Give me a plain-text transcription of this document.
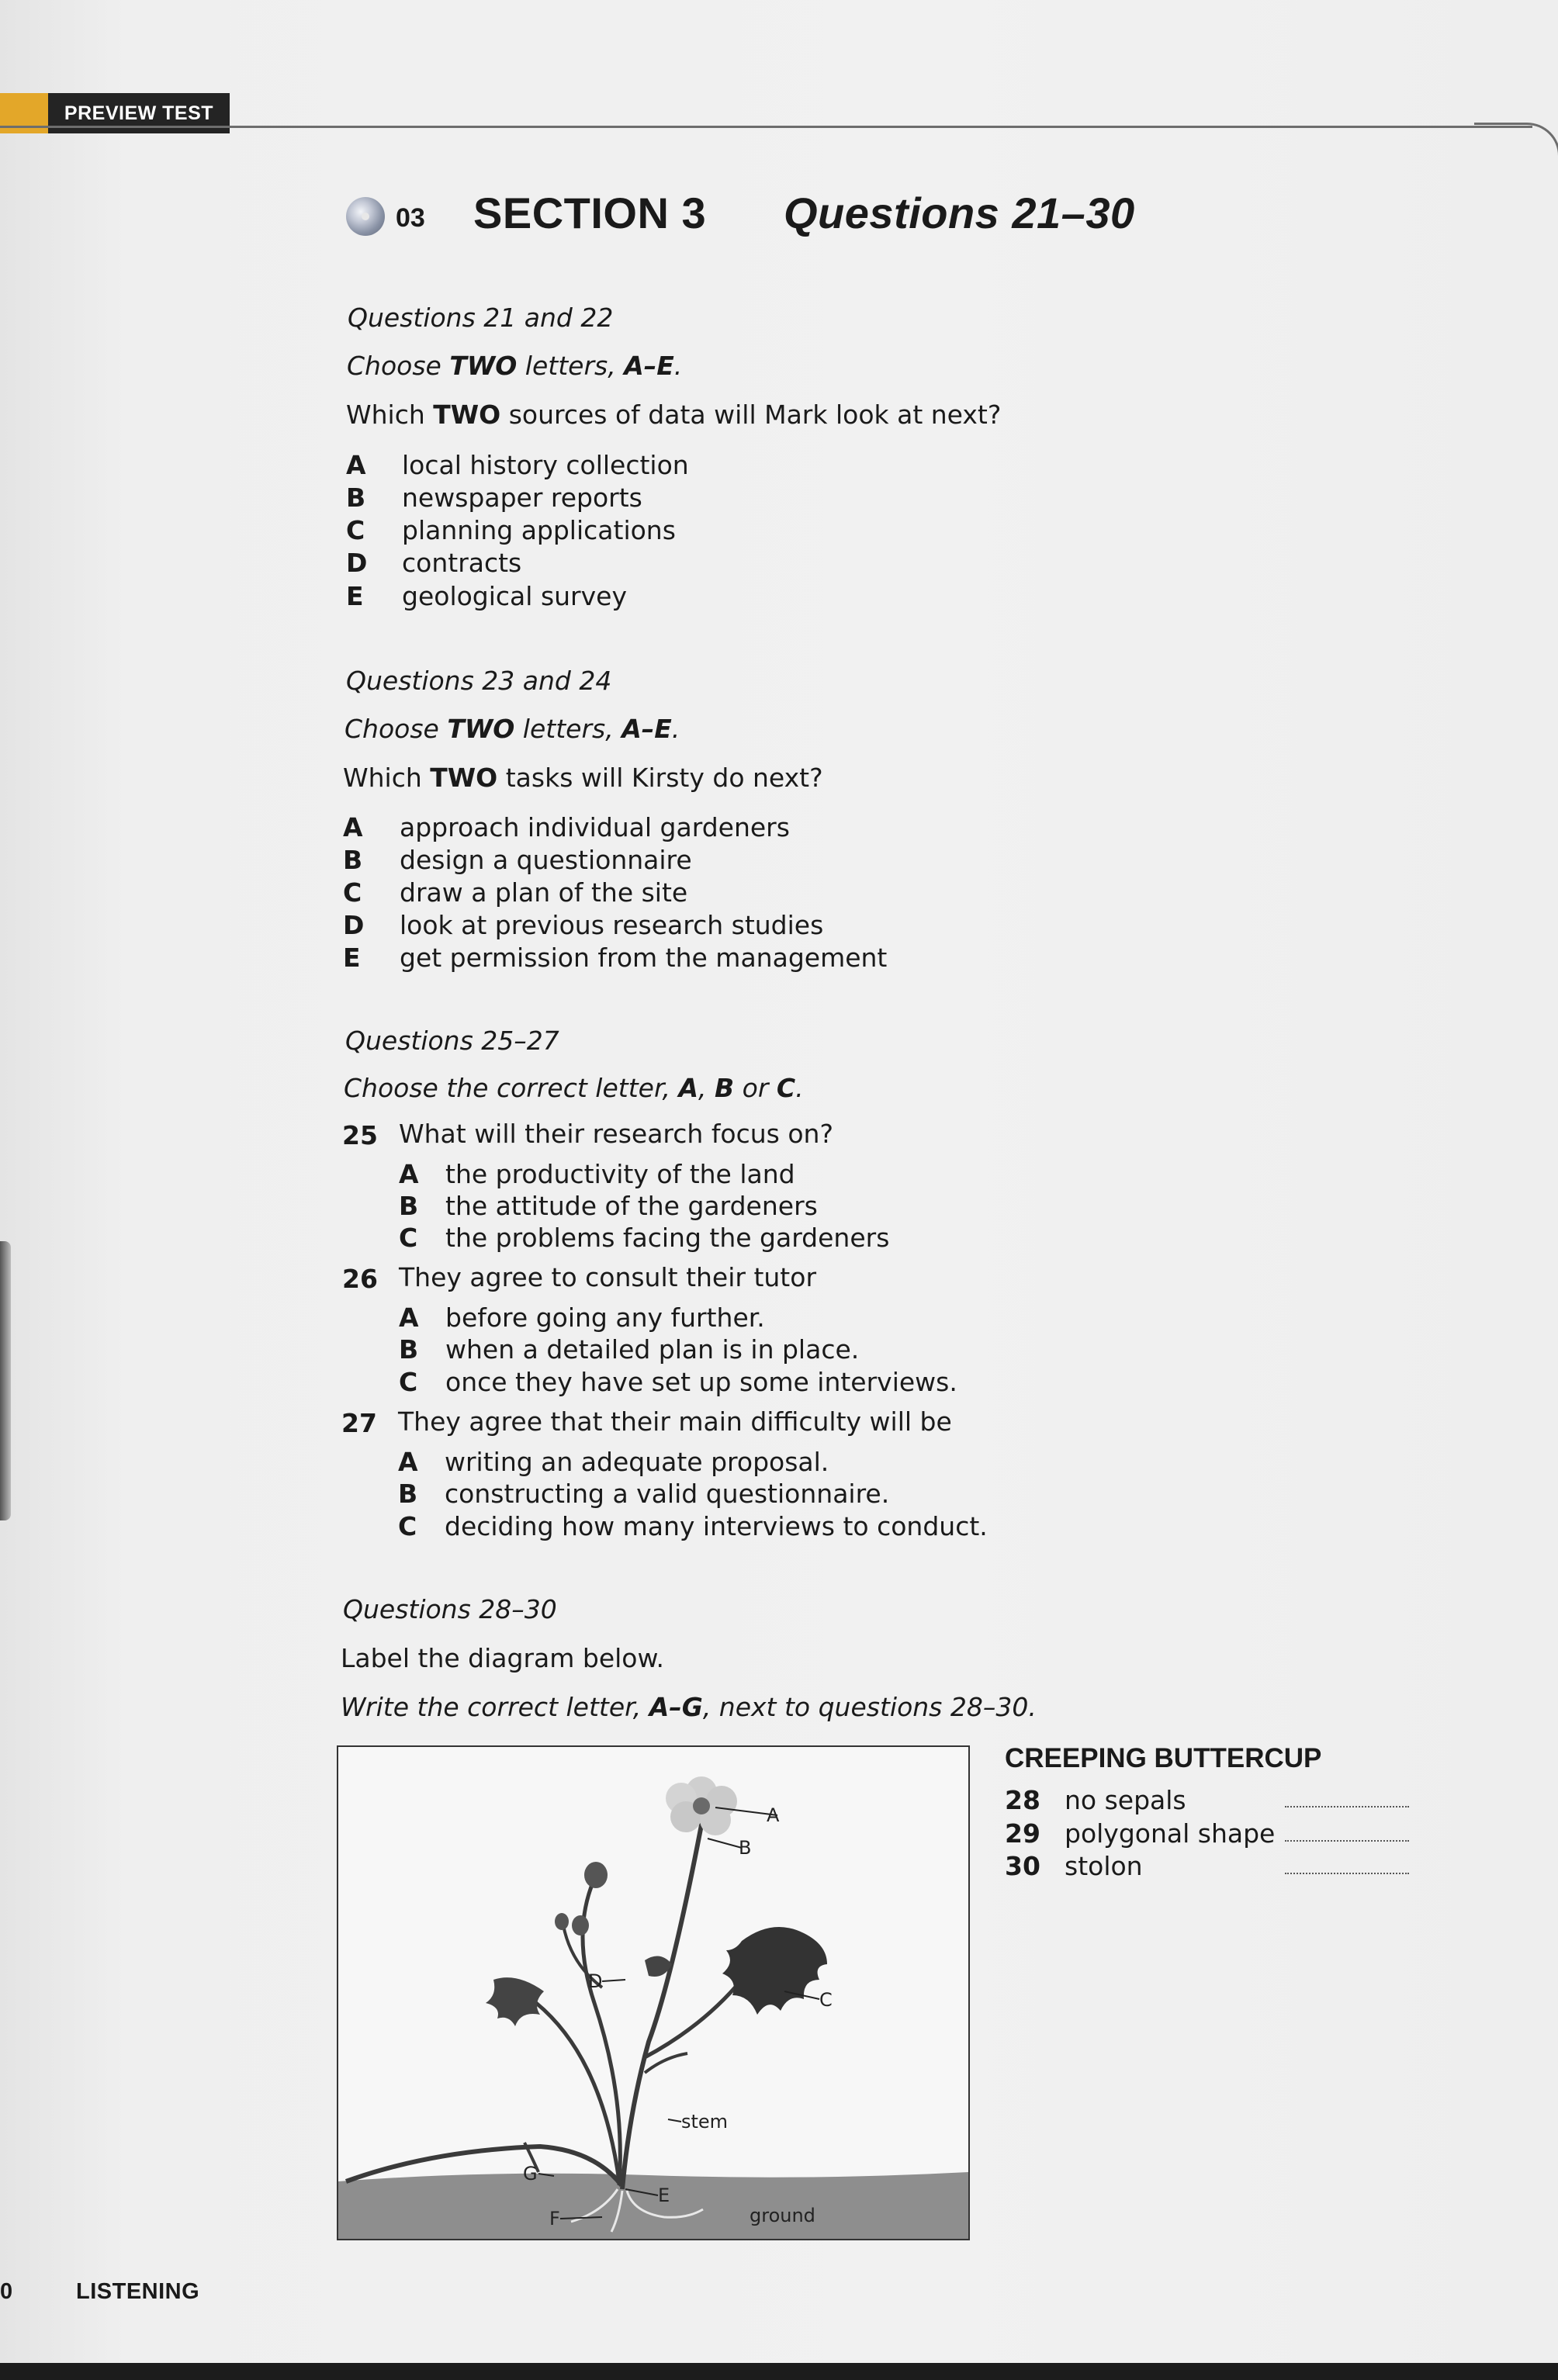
PREVIEW TEST
03 SECTION 3 Questions 21–30
Questions 21 and 22
Choose TWO letters, A–E.
Which TWO sources of data will Mark look at next?
A local history collection
B newspaper reports
C planning applications
D contracts
E geological survey
Questions 23 and 24
Choose TWO letters, A–E.
Which TWO tasks will Kirsty do next?
A approach individual gardeners
B design a questionnaire
C draw a plan of the site
D look at previous research studies
E get permission from the management
Questions 25–27
Choose the correct letter, A, B or C.
25 What will their research focus on?
A the productivity of the land
B the attitude of the gardeners
C the problems facing the gardeners
26 They agree to consult their tutor
A before going any further.
B when a detailed plan is in place.
C once they have set up some interviews.
27 They agree that their main difficulty will be
A writing an adequate proposal.
B constructing a valid questionnaire.
C deciding how many interviews to conduct.
Questions 28–30
Label the diagram below.
Write the correct letter, A–G, next to questions 28–30.
A
B
C
D
E
F
G
stem
ground
CREEPING BUTTERCUP
28 no sepals
29 polygonal shape
30 stolon
0	LISTENING
